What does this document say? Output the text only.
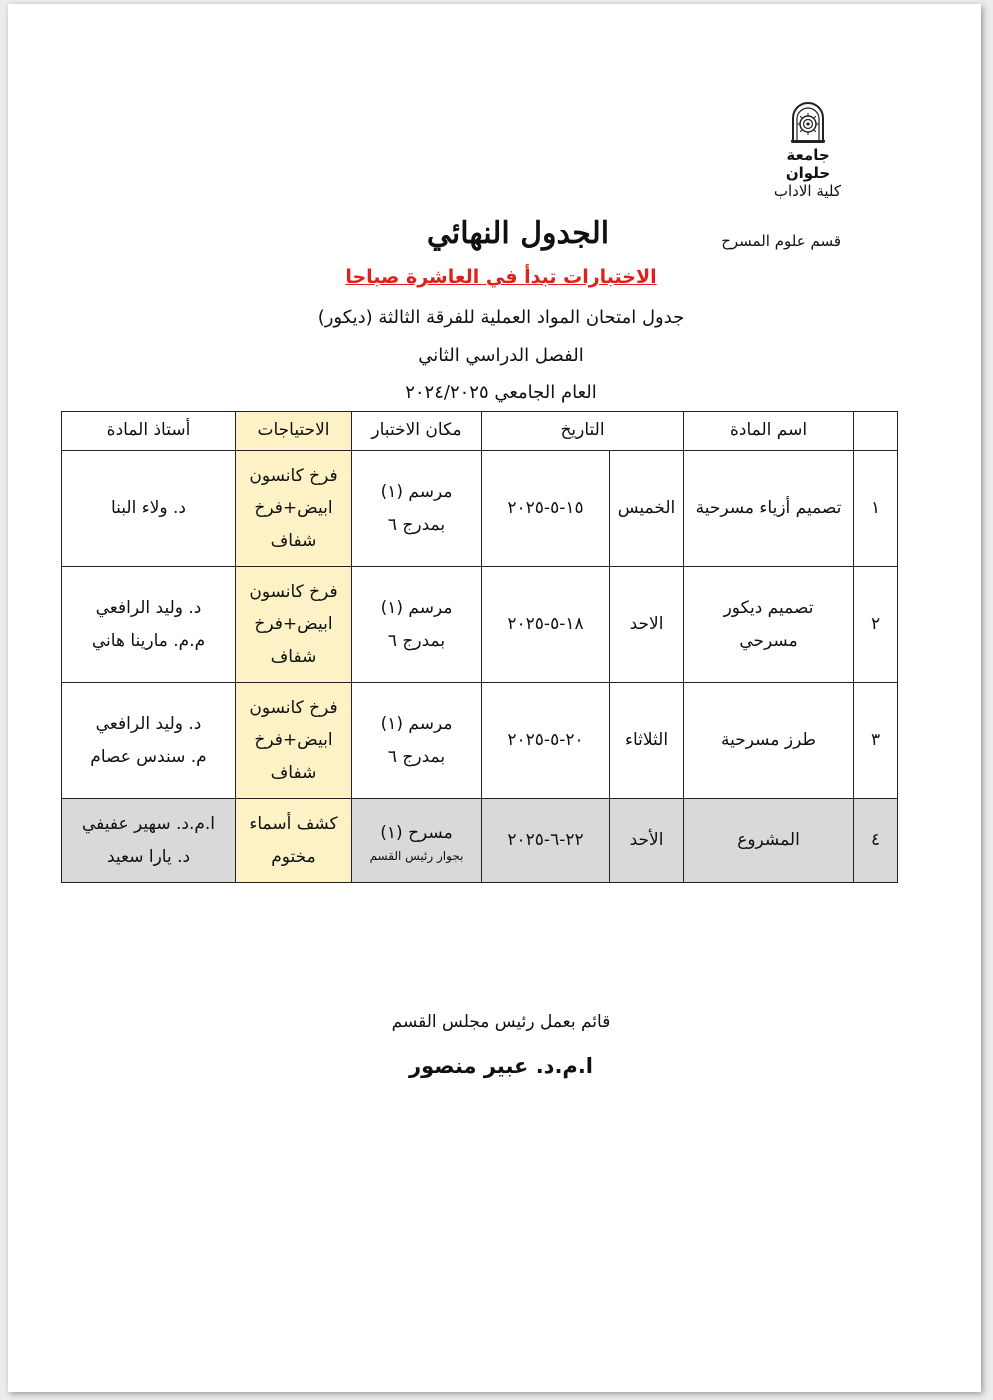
جامعة حلوان
كلية الاداب
قسم علوم المسرح
الجدول النهائي
الاختبارات تبدأ في العاشرة صباحا
جدول امتحان المواد العملية للفرقة الثالثة (ديكور)
الفصل الدراسي الثاني
العام الجامعي ٢٠٢٤/٢٠٢٥
	اسم المادة	التاريخ		مكان الاختبار	الاحتياجات	أستاذ المادة
١	تصميم أزياء مسرحية	الخميس	١٥-٥-٢٠٢٥	مرسم (١)
بمدرج ٦	فرخ كانسون
ابيض+فرخ
شفاف	د. ولاء البنا

٢	تصميم ديكور
مسرحي	الاحد	١٨-٥-٢٠٢٥	مرسم (١)
بمدرج ٦	فرخ كانسون
ابيض+فرخ
شفاف	د. وليد الرافعي
م.م. مارينا هاني

٣	طرز مسرحية	الثلاثاء	٢٠-٥-٢٠٢٥	مرسم (١)
بمدرج ٦	فرخ كانسون
ابيض+فرخ
شفاف	د. وليد الرافعي
م. سندس عصام

٤	المشروع	الأحد	٢٢-٦-٢٠٢٥	مسرح (١)
بجوار رئيس القسم	كشف أسماء
مختوم	ا.م.د. سهير عفيفي
د. يارا سعيد
قائم بعمل رئيس مجلس القسم
ا.م.د. عبير منصور
